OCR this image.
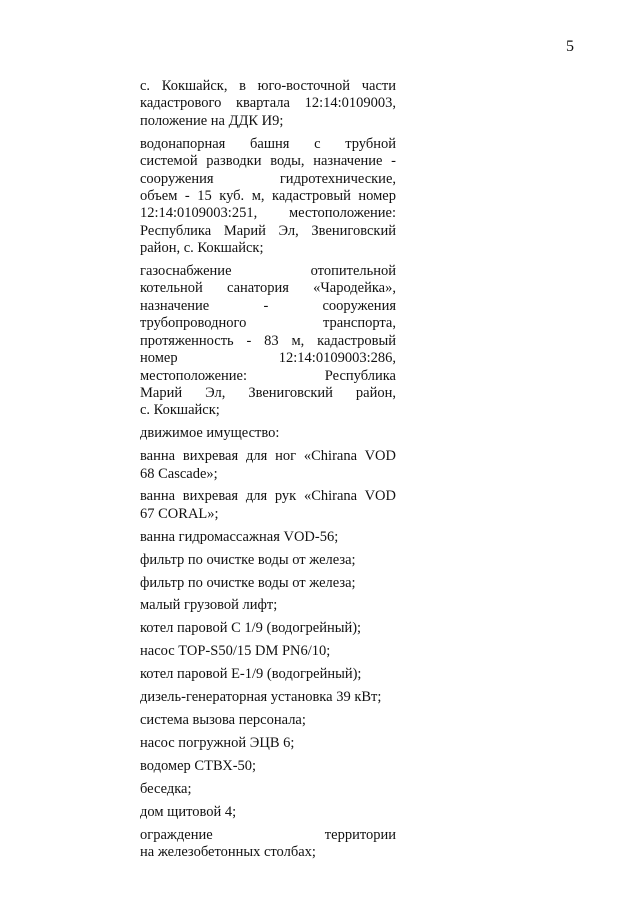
5
с. Кокшайск, в юго-восточной части
кадастрового квартала 12:14:0109003,
положение на ДДК И9;
водонапорная башня с трубной
системой разводки воды, назначение -
сооружения гидротехнические,
объем - 15 куб. м, кадастровый номер
12:14:0109003:251, местоположение:
Республика Марий Эл, Звениговский
район, с. Кокшайск;
газоснабжение отопительной
котельной санатория «Чародейка»,
назначение - сооружения
трубопроводного транспорта,
протяженность - 83 м, кадастровый
номер 12:14:0109003:286,
местоположение: Республика
Марий Эл, Звениговский район,
с. Кокшайск;
движимое имущество:
ванна вихревая для ног «Chirana VOD
68 Cascade»;
ванна вихревая для рук «Chirana VOD
67 CORAL»;
ванна гидромассажная VOD-56;
фильтр по очистке воды от железа;
фильтр по очистке воды от железа;
малый грузовой лифт;
котел паровой С 1/9 (водогрейный);
насос TOP-S50/15 DM PN6/10;
котел паровой Е-1/9 (водогрейный);
дизель-генераторная установка 39 кВт;
система вызова персонала;
насос погружной ЭЦВ 6;
водомер СТВХ-50;
беседка;
дом щитовой 4;
ограждение территории
на железобетонных столбах;
